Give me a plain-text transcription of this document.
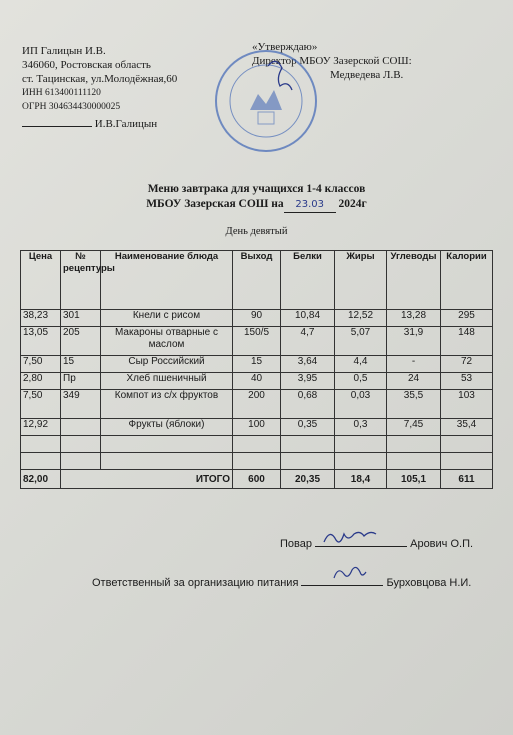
ИП Галицын И.В.
346060, Ростовская область
ст. Тацинская, ул.Молодёжная,60
ИНН 613400111120
ОГРН 304634430000025
И.В.Галицын
«Утверждаю»
Директор МБОУ Зазерской СОШ:
Медведева Л.В.
Меню завтрака для учащихся 1-4 классов
МБОУ Зазерская СОШ на 23.03 2024г
День девятый
Цена	№ рецептуры	Наименование блюда	Выход	Белки	Жиры	Углеводы	Калории
38,23	301	Кнели с рисом	90	10,84	12,52	13,28	295
13,05	205	Макароны отварные с маслом	150/5	4,7	5,07	31,9	148
7,50	15	Сыр Российский	15	3,64	4,4	-	72
2,80	Пр	Хлеб пшеничный	40	3,95	0,5	24	53
7,50	349	Компот из с/х фруктов	200	0,68	0,03	35,5	103
12,92		Фрукты (яблоки)	100	0,35	0,3	7,45	35,4

82,00	ИТОГО		600	20,35	18,4	105,1	611
Повар	Арович О.П.
Ответственный за организацию питания	Бурховцова Н.И.
